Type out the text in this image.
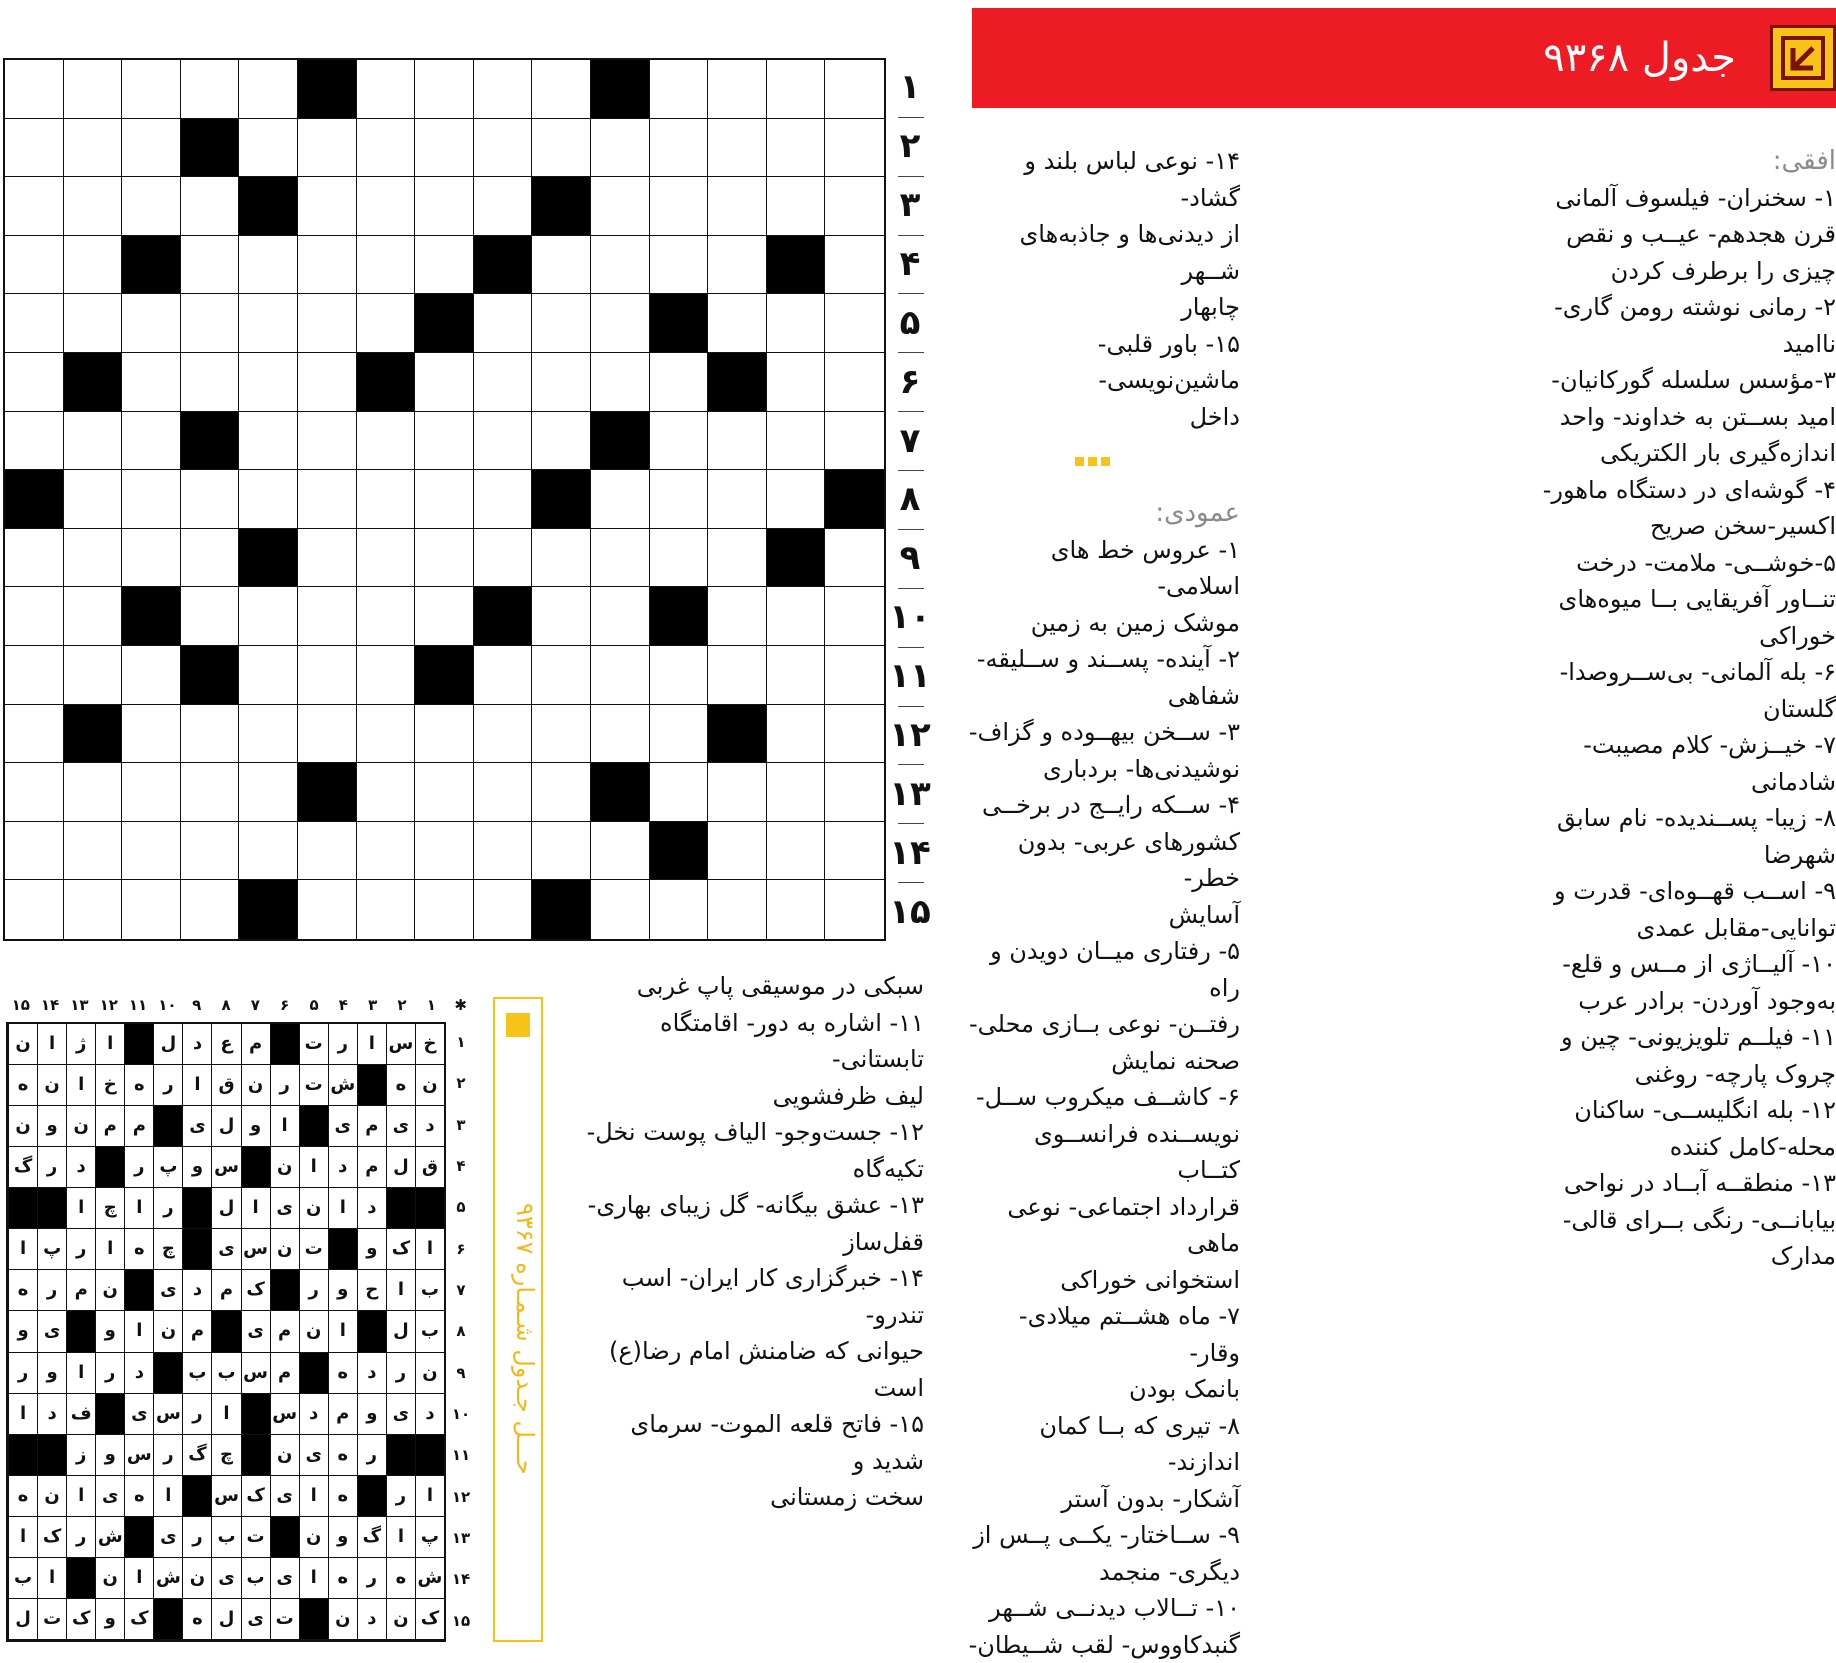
۱
۲
۳
۴
۵
۶
۷
۸
۹
۱۰
۱۱
۱۲
۱۳
۱۴
۱۵
جدول ۹۳۶۸
افقی:
۱- سخنران- فیلسوف آلمانی
قرن هجدهم- عیــب و نقص
چیزی را برطرف کردن
۲- رمانی نوشته رومن گاری-
ناامید
۳-مؤسس سلسله گورکانیان-
امید بســتن به خداوند- واحد
اندازه‌گیری بار الکتریکی
۴- گوشه‌ای در دستگاه ماهور-
اکسیر-سخن صریح
۵-خوشــی- ملامت- درخت
تنــاور آفریقایی بــا میوه‌های
خوراکی
۶- بله آلمانی- بی‌ســروصدا-
گلستان
۷- خیــزش- کلام مصیبت-
شادمانی
۸- زیبا- پســندیده- نام سابق
شهرضا
۹- اســب قهــوه‌ای- قدرت و
توانایی-مقابل عمدی
۱۰- آلیــاژی از مــس و قلع-
به‌وجود آوردن- برادر عرب
۱۱- فیلــم تلویزیونی- چین و
چروک پارچه- روغنی
۱۲- بله انگلیســی- ساکنان
محله-کامل کننده
۱۳- منطقــه آبــاد در نواحی
بیابانــی- رنگی بــرای قالی-
مدارک
۱۴- نوعی لباس بلند و گشاد-
از دیدنی‌ها و جاذبه‌های شــهر
چابهار
۱۵- باور قلبی- ماشین‌نویسی-
داخل
عمودی:
۱- عروس خط های اسلامی-
موشک زمین به زمین
۲- آینده- پســند و ســلیقه-
شفاهی
۳- ســخن بیهــوده و گزاف-
نوشیدنی‌ها- بردباری
۴- ســکه رایــج در برخــی
کشورهای عربی- بدون خطر-
آسایش
۵- رفتاری میــان دویدن و راه
رفتــن- نوعی بــازی محلی-
صحنه نمایش
۶- کاشــف میکروب ســل-
نویســنده فرانســوی کتــاب
قرارداد اجتماعی- نوعی ماهی
استخوانی خوراکی
۷- ماه هشــتم میلادی- وقار-
بانمک بودن
۸- تیری که بــا کمان اندازند-
آشکار- بدون آستر
۹- ســاختار- یکــی پــس از
دیگری- منجمد
۱۰- تــالاب دیدنــی شــهر
گنبدکاووس- لقب شــیطان-
سبکی در موسیقی پاپ غربی
۱۱- اشاره به دور- اقامتگاه تابستانی-
لیف ظرفشویی
۱۲- جست‌وجو- الیاف پوست نخل-
تکیه‌گاه
۱۳- عشق بیگانه- گل زیبای بهاری-
قفل‌ساز
۱۴- خبرگزاری کار ایران- اسب تندرو-
حیوانی که ضامنش امام رضا(ع) است
۱۵- فاتح قلعه الموت- سرمای شدید و
سخت زمستانی
حـــل جـدول شـمـاره ۹۳۶۷
۱
۲
۳
۴
۵
۶
۷
۸
۹
۱۰
۱۱
۱۲
۱۳
۱۴
۱۵	✱
خ
س
ا
ر
ت
م
ع
د
ل
ا
ژ
ا
ن
ن
ه
ش
ت
ر
ن
ق
ا
ر
ه
خ
ا
ن
ه
د
ی
م
ی
ا
و
ل
ی
م
م
ن
و
ن
ق
ل
م
د
ا
ن
س
و
پ
ر
د
ر
گ
د
ا
ن
ی
ا
ل
ر
ا
چ
ا
ا
ک
و
ت
ن
س
ی
چ
ه
ا
ر
پ
ا
ب
ا
ح
و
ر
ک
م
د
ی
ن
م
ر
ه
ب
ل
ا
ن
م
ی
م
ن
ا
و
ی
و
ن
ر
د
ه
م
س
ب
ب
د
ر
ا
و
ر
د
ی
و
م
د
س
ا
ر
س
ی
ف
د
ا
ر
ه
ی
ن
چ
گ
ر
س
و
ز
ا
ر
ه
ا
ی
ک
س
ا
ه
ی
ا
ن
ه
پ
ا
گ
و
ن
ت
ب
ر
ی
ش
ر
ک
ا
ش
ه
ر
ه
ا
ی
ب
ی
ن
ش
ا
ن
ا
ب
ک
ن
د
ن
ت
ی
ل
ه
ک
و
ک
ت
ل
۱
۲
۳
۴
۵
۶
۷
۸
۹
۱۰
۱۱
۱۲
۱۳
۱۴
۱۵
